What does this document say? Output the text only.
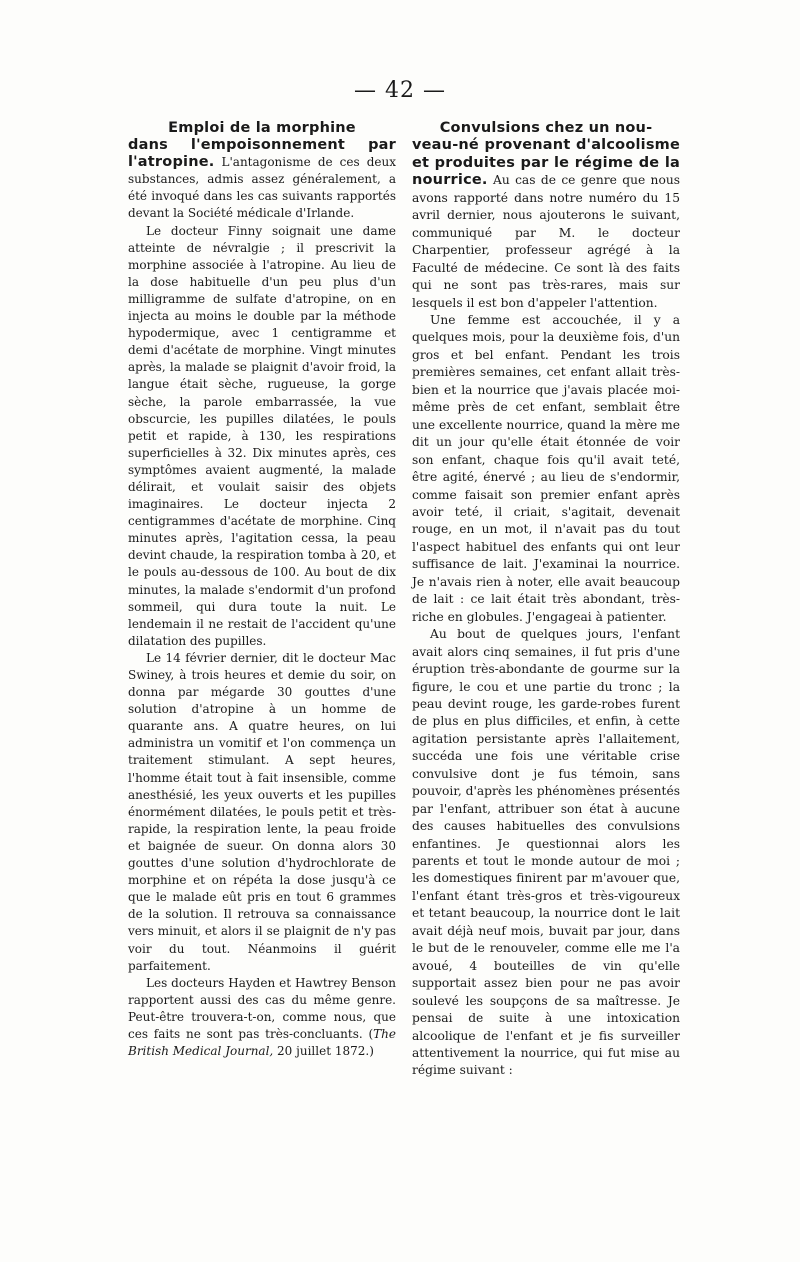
— 42 —

Emploi de la morphine
dans l'empoisonnement par l'atropine. L'antagonisme de ces deux substances, admis assez généralement, a été invoqué dans les cas suivants rapportés devant la Société médicale d'Irlande.

Le docteur Finny soignait une dame atteinte de névralgie ; il prescrivit la morphine associée à l'atropine. Au lieu de la dose habituelle d'un peu plus d'un milligramme de sulfate d'atropine, on en injecta au moins le double par la méthode hypodermique, avec 1 centigramme et demi d'acétate de morphine. Vingt minutes après, la malade se plaignit d'avoir froid, la langue était sèche, rugueuse, la gorge sèche, la parole embarrassée, la vue obscurcie, les pupilles dilatées, le pouls petit et rapide, à 130, les respirations superficielles à 32. Dix minutes après, ces symptômes avaient augmenté, la malade délirait, et voulait saisir des objets imaginaires. Le docteur injecta 2 centigrammes d'acétate de morphine. Cinq minutes après, l'agitation cessa, la peau devint chaude, la respiration tomba à 20, et le pouls au-dessous de 100. Au bout de dix minutes, la malade s'endormit d'un profond sommeil, qui dura toute la nuit. Le lendemain il ne restait de l'accident qu'une dilatation des pupilles.

Le 14 février dernier, dit le docteur Mac Swiney, à trois heures et demie du soir, on donna par mégarde 30 gouttes d'une solution d'atropine à un homme de quarante ans. A quatre heures, on lui administra un vomitif et l'on commença un traitement stimulant. A sept heures, l'homme était tout à fait insensible, comme anesthésié, les yeux ouverts et les pupilles énormément dilatées, le pouls petit et très-rapide, la respiration lente, la peau froide et baignée de sueur. On donna alors 30 gouttes d'une solution d'hydrochlorate de morphine et on répéta la dose jusqu'à ce que le malade eût pris en tout 6 grammes de la solution. Il retrouva sa connaissance vers minuit, et alors il se plaignit de n'y pas voir du tout. Néanmoins il guérit parfaitement.

Les docteurs Hayden et Hawtrey Benson rapportent aussi des cas du même genre. Peut-être trouvera-t-on, comme nous, que ces faits ne sont pas très-concluants. (The British Medical Journal, 20 juillet 1872.)

Convulsions chez un nou-
veau-né provenant d'alcoolisme et produites par le régime de la nourrice. Au cas de ce genre que nous avons rapporté dans notre numéro du 15 avril dernier, nous ajouterons le suivant, communiqué par M. le docteur Charpentier, professeur agrégé à la Faculté de médecine. Ce sont là des faits qui ne sont pas très-rares, mais sur lesquels il est bon d'appeler l'attention.

Une femme est accouchée, il y a quelques mois, pour la deuxième fois, d'un gros et bel enfant. Pendant les trois premières semaines, cet enfant allait très-bien et la nourrice que j'avais placée moi-même près de cet enfant, semblait être une excellente nourrice, quand la mère me dit un jour qu'elle était étonnée de voir son enfant, chaque fois qu'il avait teté, être agité, énervé ; au lieu de s'endormir, comme faisait son premier enfant après avoir teté, il criait, s'agitait, devenait rouge, en un mot, il n'avait pas du tout l'aspect habituel des enfants qui ont leur suffisance de lait. J'examinai la nourrice. Je n'avais rien à noter, elle avait beaucoup de lait : ce lait était très abondant, très-riche en globules. J'engageai à patienter.

Au bout de quelques jours, l'enfant avait alors cinq semaines, il fut pris d'une éruption très-abondante de gourme sur la figure, le cou et une partie du tronc ; la peau devint rouge, les garde-robes furent de plus en plus difficiles, et enfin, à cette agitation persistante après l'allaitement, succéda une fois une véritable crise convulsive dont je fus témoin, sans pouvoir, d'après les phénomènes présentés par l'enfant, attribuer son état à aucune des causes habituelles des convulsions enfantines. Je questionnai alors les parents et tout le monde autour de moi ; les domestiques finirent par m'avouer que, l'enfant étant très-gros et très-vigoureux et tetant beaucoup, la nourrice dont le lait avait déjà neuf mois, buvait par jour, dans le but de le renouveler, comme elle me l'a avoué, 4 bouteilles de vin qu'elle supportait assez bien pour ne pas avoir soulevé les soupçons de sa maîtresse. Je pensai de suite à une intoxication alcoolique de l'enfant et je fis surveiller attentivement la nourrice, qui fut mise au régime suivant :
